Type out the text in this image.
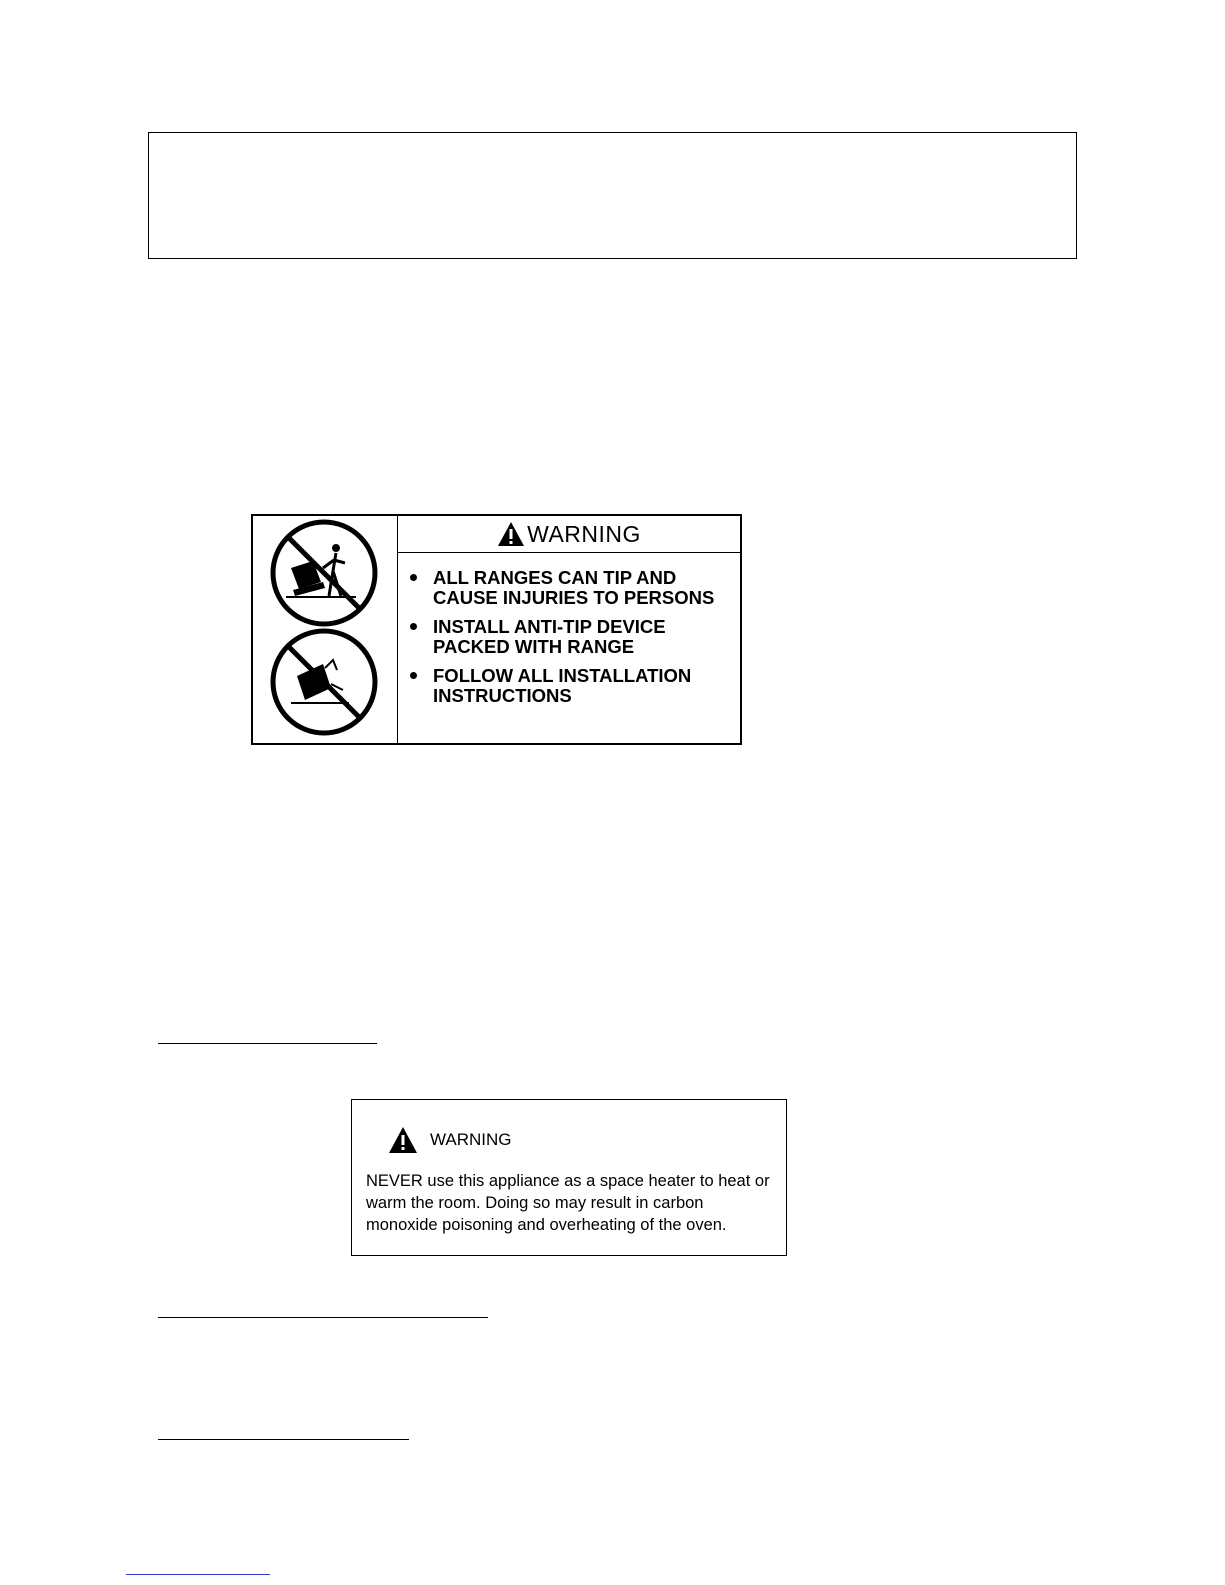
WARNING
ALL RANGES CAN TIP AND CAUSE INJURIES TO PERSONS
INSTALL ANTI-TIP DEVICE PACKED WITH RANGE
FOLLOW ALL INSTALLATION INSTRUCTIONS
WARNING
NEVER use this appliance as a space heater to heat or warm the room. Doing so may result in carbon monoxide poisoning and overheating of the oven.
